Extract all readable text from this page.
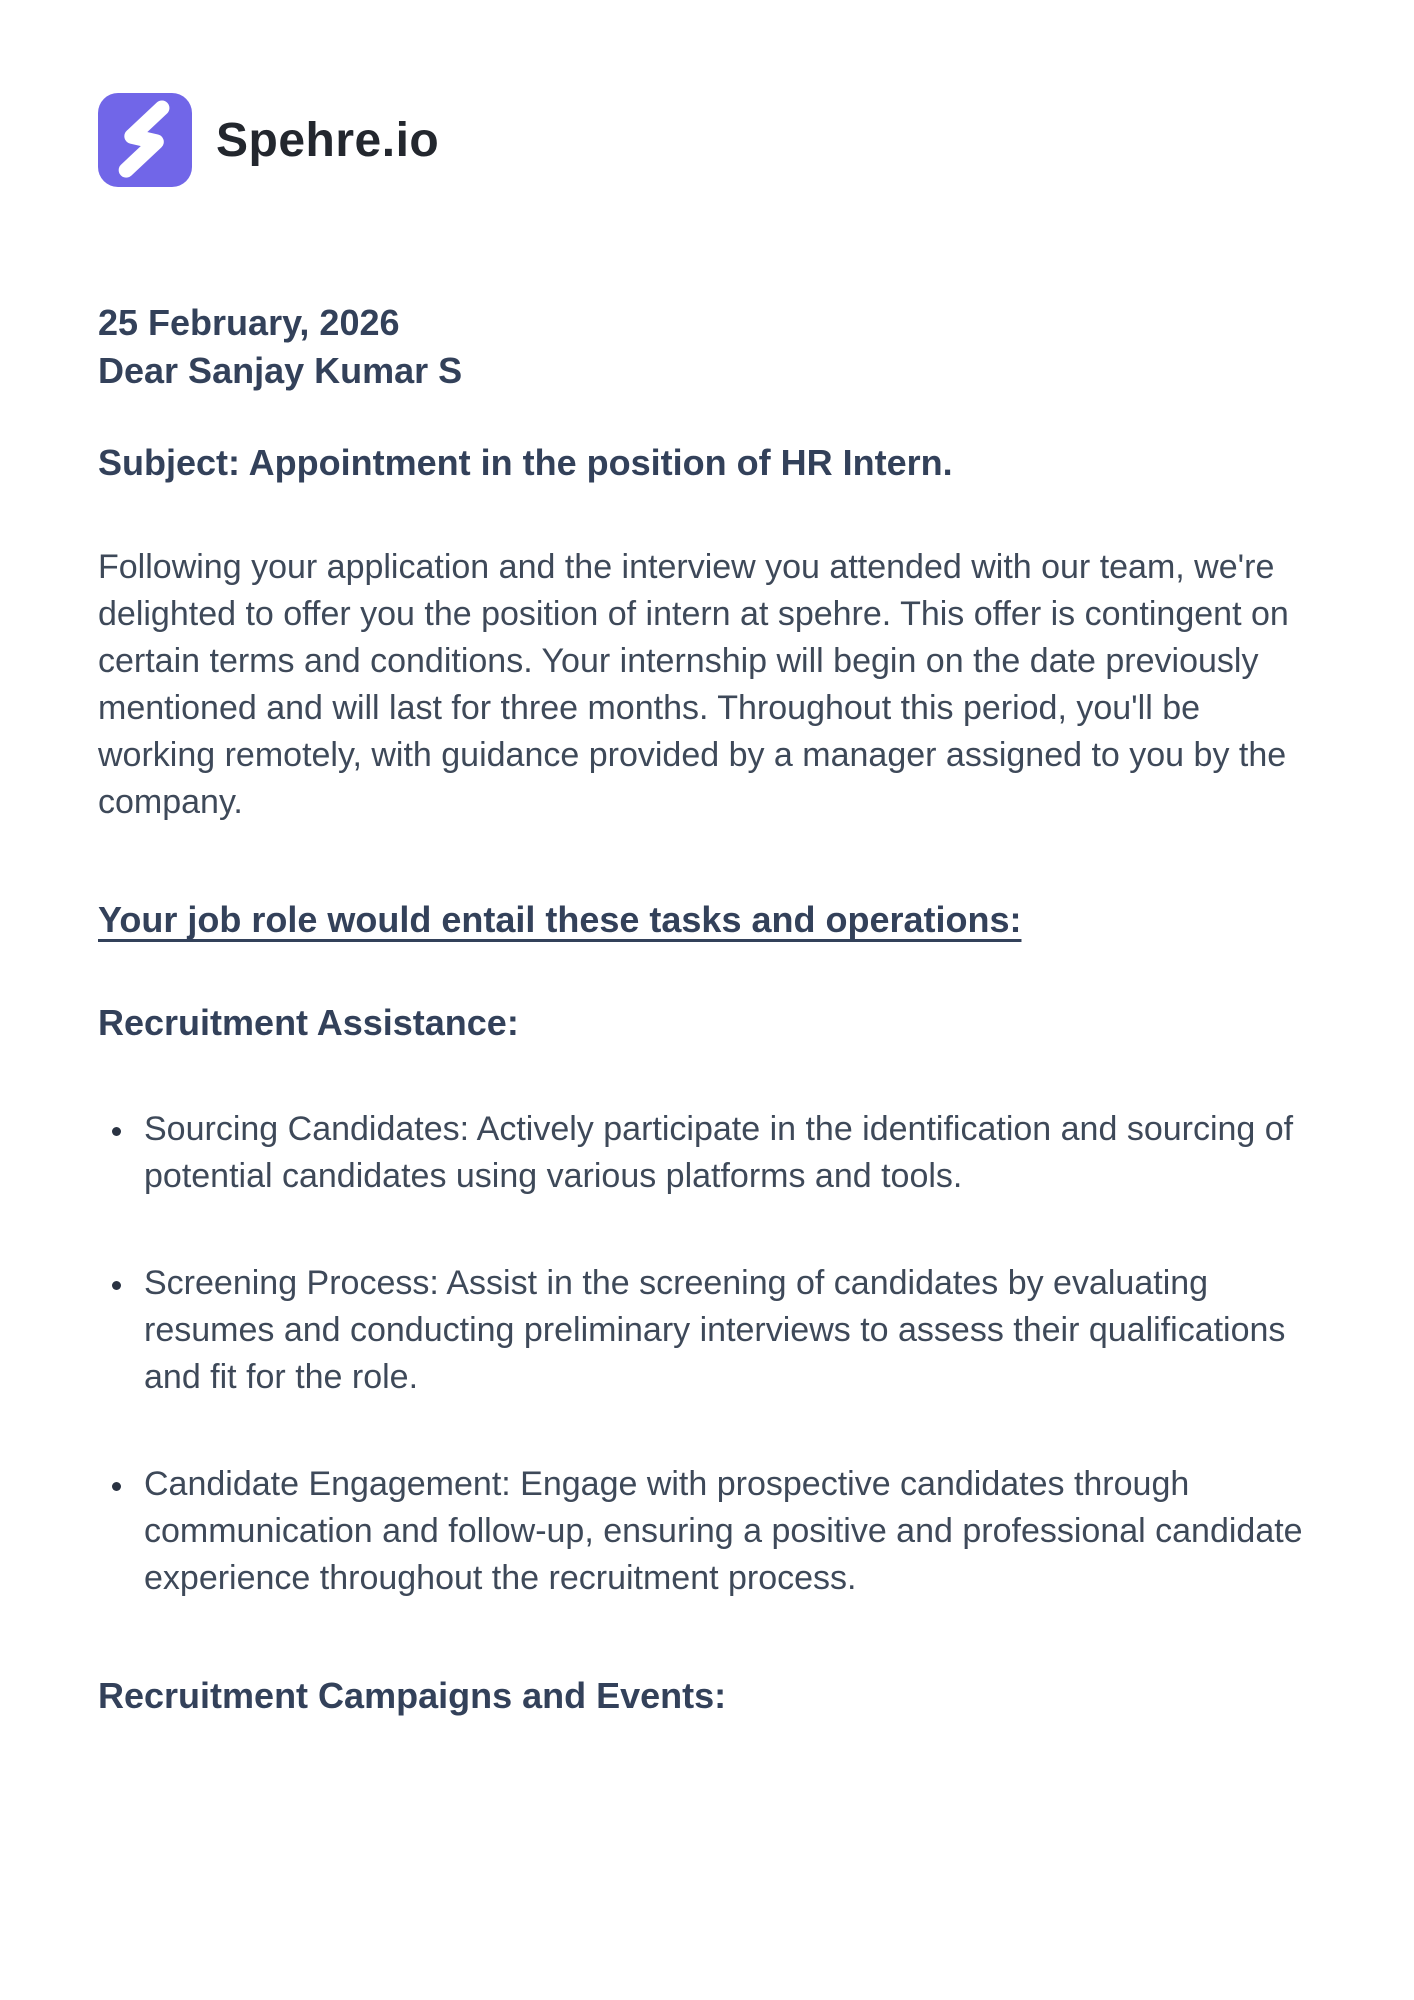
Spehre.io
25 February, 2026
Dear Sanjay Kumar S
Subject: Appointment in the position of HR Intern.
Following your application and the interview you attended with our team, we're delighted to offer you the position of intern at spehre. This offer is contingent on certain terms and conditions. Your internship will begin on the date previously mentioned and will last for three months. Throughout this period, you'll be working remotely, with guidance provided by a manager assigned to you by the company.
Your job role would entail these tasks and operations:
Recruitment Assistance:
• Sourcing Candidates: Actively participate in the identification and sourcing of potential candidates using various platforms and tools.
• Screening Process: Assist in the screening of candidates by evaluating resumes and conducting preliminary interviews to assess their qualifications and fit for the role.
• Candidate Engagement: Engage with prospective candidates through communication and follow-up, ensuring a positive and professional candidate experience throughout the recruitment process.
Recruitment Campaigns and Events:
